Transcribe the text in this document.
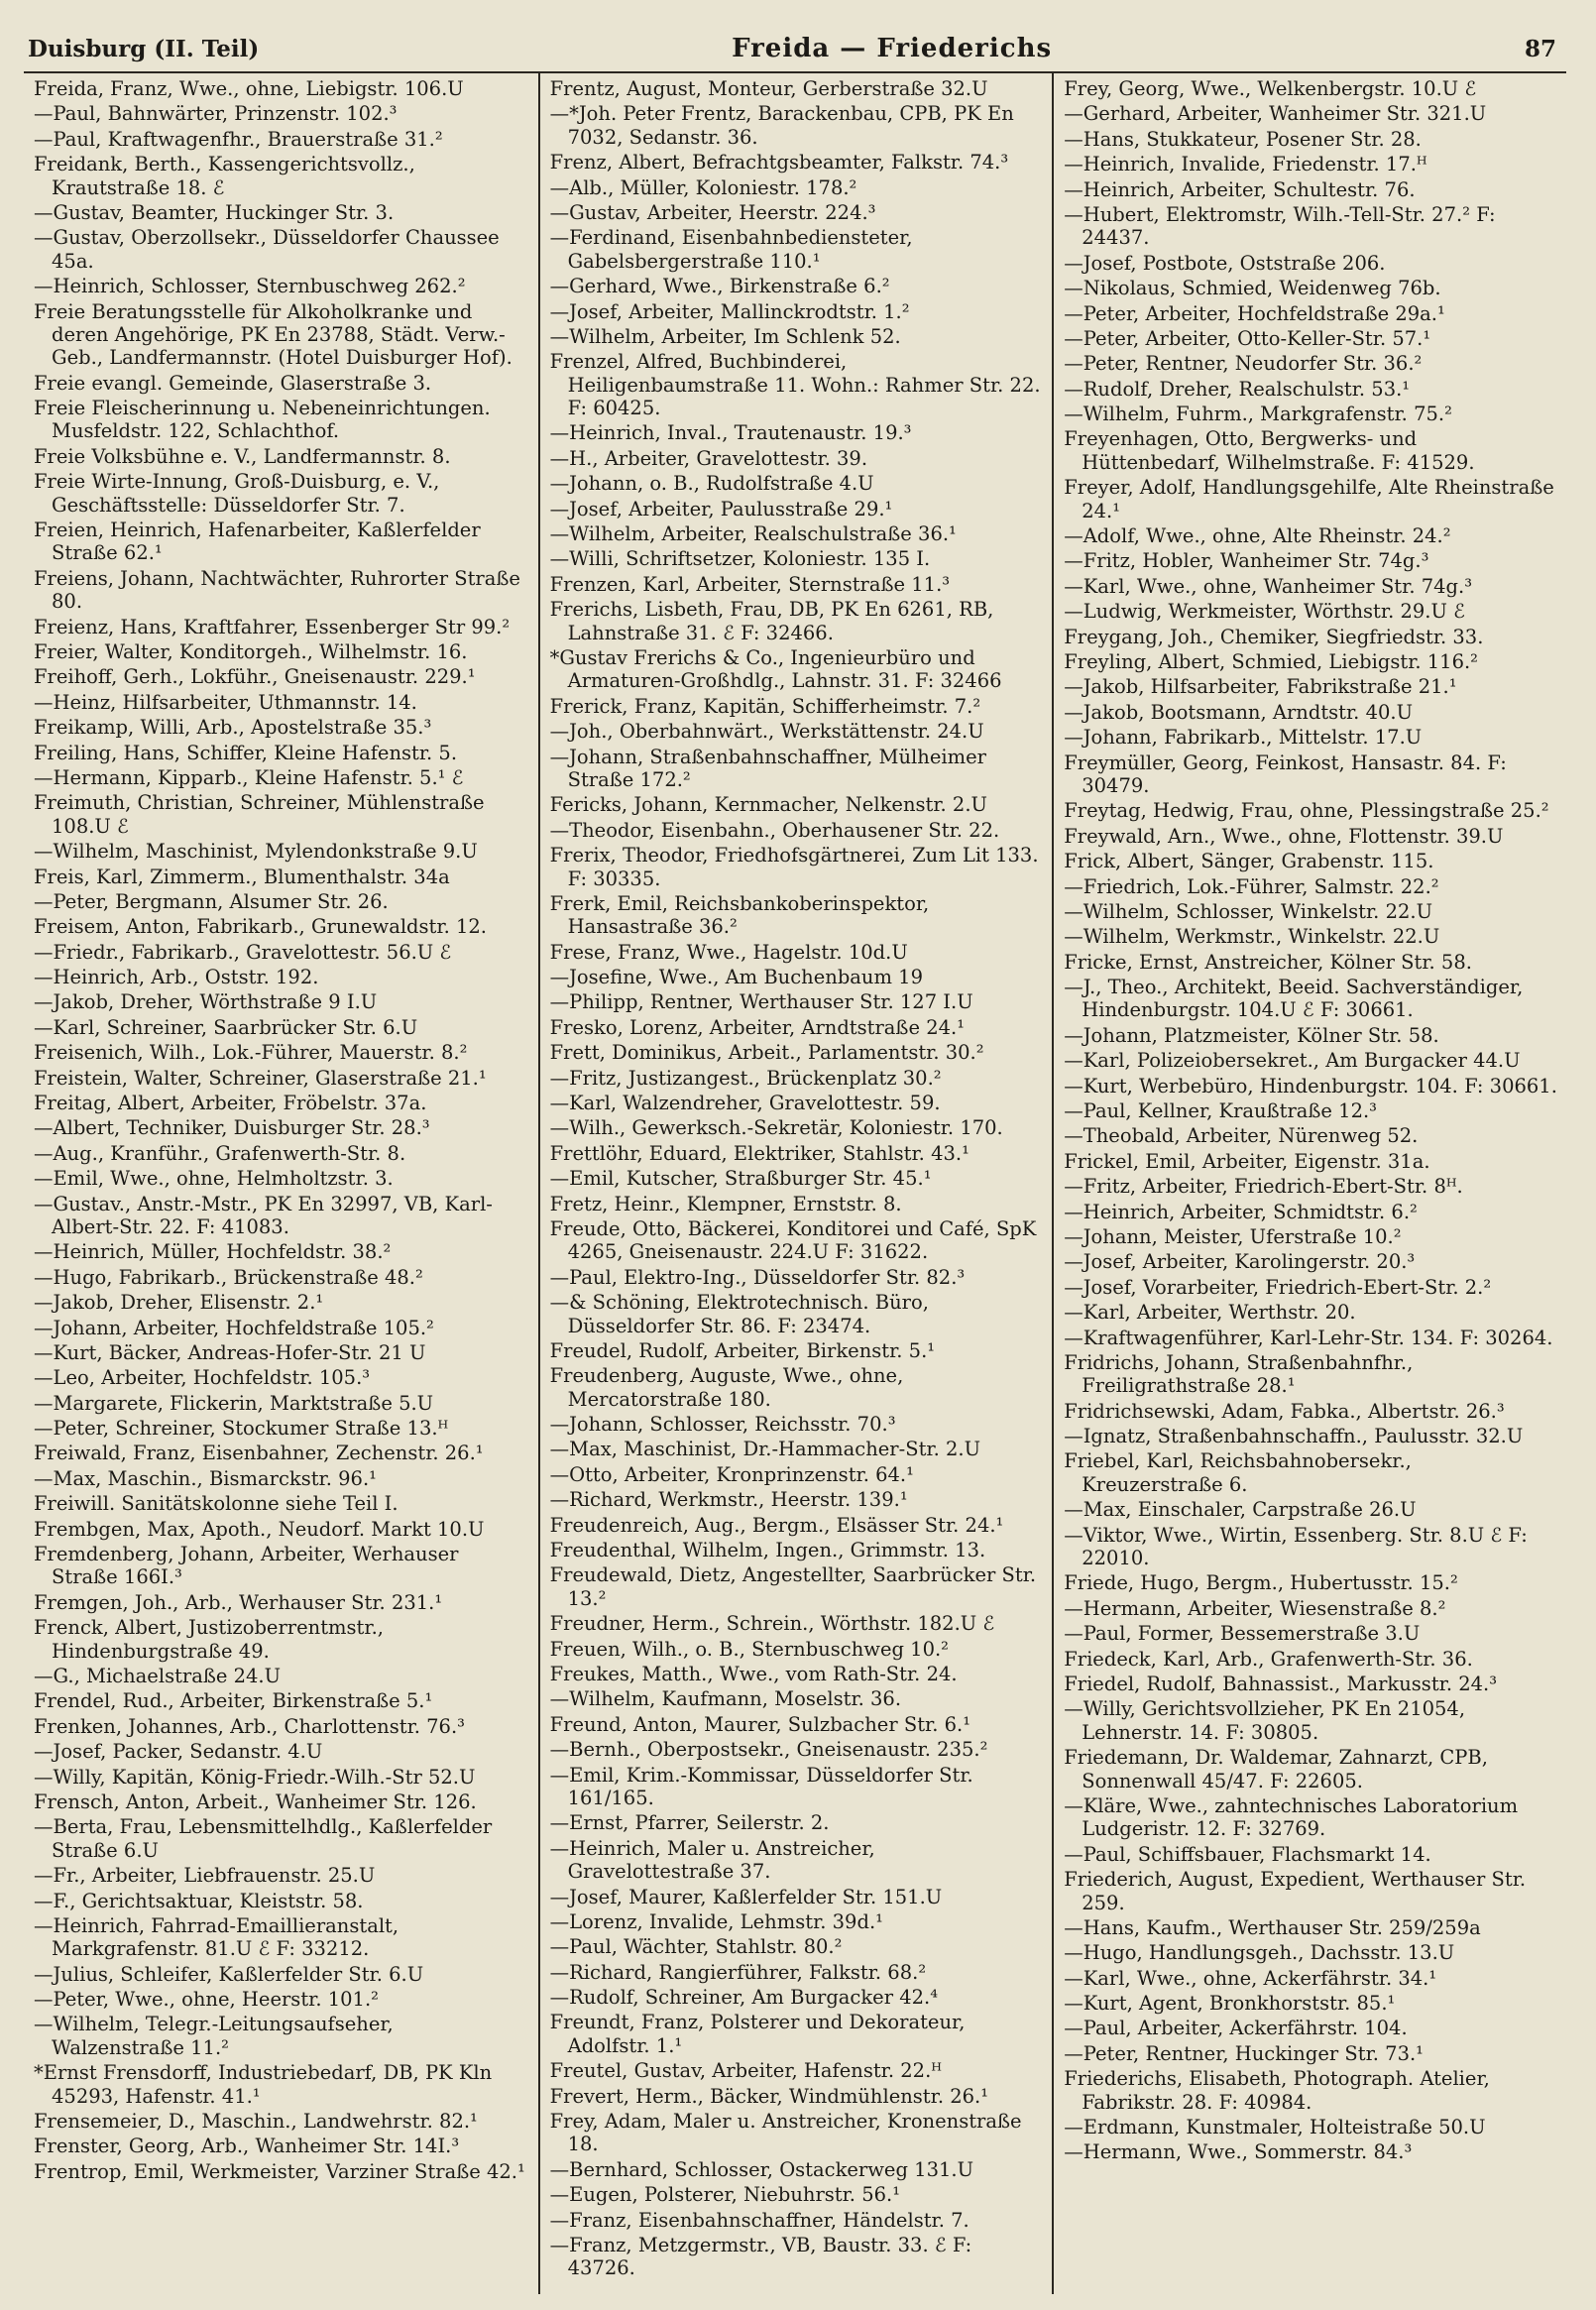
Duisburg (II. Teil)	Freida — Friederichs	87
Freida, Franz, Wwe., ohne, Liebigstr. 106.U
—Paul, Bahnwärter, Prinzenstr. 102.³
—Paul, Kraftwagenfhr., Brauerstraße 31.²
Freidank, Berth., Kassengerichtsvollz., Krautstraße 18. ℰ
—Gustav, Beamter, Huckinger Str. 3.
—Gustav, Oberzollsekr., Düsseldorfer Chaussee 45a.
—Heinrich, Schlosser, Sternbuschweg 262.²
Freie Beratungsstelle für Alkoholkranke und deren Angehörige, PK En 23788, Städt. Verw.-Geb., Landfermannstr. (Hotel Duisburger Hof).
Freie evangl. Gemeinde, Glaserstraße 3.
Freie Fleischerinnung u. Nebeneinrichtungen. Musfeldstr. 122, Schlachthof.
Freie Volksbühne e. V., Landfermannstr. 8.
Freie Wirte-Innung, Groß-Duisburg, e. V., Geschäftsstelle: Düsseldorfer Str. 7.
Freien, Heinrich, Hafenarbeiter, Kaßlerfelder Straße 62.¹
Freiens, Johann, Nachtwächter, Ruhrorter Straße 80.
Freienz, Hans, Kraftfahrer, Essenberger Str 99.²
Freier, Walter, Konditorgeh., Wilhelmstr. 16.
Freihoff, Gerh., Lokführ., Gneisenaustr. 229.¹
—Heinz, Hilfsarbeiter, Uthmannstr. 14.
Freikamp, Willi, Arb., Apostelstraße 35.³
Freiling, Hans, Schiffer, Kleine Hafenstr. 5.
—Hermann, Kipparb., Kleine Hafenstr. 5.¹ ℰ
Freimuth, Christian, Schreiner, Mühlenstraße 108.U ℰ
—Wilhelm, Maschinist, Mylendonkstraße 9.U
Freis, Karl, Zimmerm., Blumenthalstr. 34a
—Peter, Bergmann, Alsumer Str. 26.
Freisem, Anton, Fabrikarb., Grunewaldstr. 12.
—Friedr., Fabrikarb., Gravelottestr. 56.U ℰ
—Heinrich, Arb., Oststr. 192.
—Jakob, Dreher, Wörthstraße 9 I.U
—Karl, Schreiner, Saarbrücker Str. 6.U
Freisenich, Wilh., Lok.-Führer, Mauerstr. 8.²
Freistein, Walter, Schreiner, Glaserstraße 21.¹
Freitag, Albert, Arbeiter, Fröbelstr. 37a.
—Albert, Techniker, Duisburger Str. 28.³
—Aug., Kranführ., Grafenwerth-Str. 8.
—Emil, Wwe., ohne, Helmholtzstr. 3.
—Gustav., Anstr.-Mstr., PK En 32997, VB, Karl-Albert-Str. 22. F: 41083.
—Heinrich, Müller, Hochfeldstr. 38.²
—Hugo, Fabrikarb., Brückenstraße 48.²
—Jakob, Dreher, Elisenstr. 2.¹
—Johann, Arbeiter, Hochfeldstraße 105.²
—Kurt, Bäcker, Andreas-Hofer-Str. 21 U
—Leo, Arbeiter, Hochfeldstr. 105.³
—Margarete, Flickerin, Marktstraße 5.U
—Peter, Schreiner, Stockumer Straße 13.ᴴ
Freiwald, Franz, Eisenbahner, Zechenstr. 26.¹
—Max, Maschin., Bismarckstr. 96.¹
Freiwill. Sanitätskolonne siehe Teil I.
Frembgen, Max, Apoth., Neudorf. Markt 10.U
Fremdenberg, Johann, Arbeiter, Werhauser Straße 166I.³
Fremgen, Joh., Arb., Werhauser Str. 231.¹
Frenck, Albert, Justizoberrentmstr., Hindenburgstraße 49.
—G., Michaelstraße 24.U
Frendel, Rud., Arbeiter, Birkenstraße 5.¹
Frenken, Johannes, Arb., Charlottenstr. 76.³
—Josef, Packer, Sedanstr. 4.U
—Willy, Kapitän, König-Friedr.-Wilh.-Str 52.U
Frensch, Anton, Arbeit., Wanheimer Str. 126.
—Berta, Frau, Lebensmittelhdlg., Kaßlerfelder Straße 6.U
—Fr., Arbeiter, Liebfrauenstr. 25.U
—F., Gerichtsaktuar, Kleiststr. 58.
—Heinrich, Fahrrad-Emaillieranstalt, Markgrafenstr. 81.U ℰ F: 33212.
—Julius, Schleifer, Kaßlerfelder Str. 6.U
—Peter, Wwe., ohne, Heerstr. 101.²
—Wilhelm, Telegr.-Leitungsaufseher, Walzenstraße 11.²
*Ernst Frensdorff, Industriebedarf, DB, PK Kln 45293, Hafenstr. 41.¹
Frensemeier, D., Maschin., Landwehrstr. 82.¹
Frenster, Georg, Arb., Wanheimer Str. 14I.³
Frentrop, Emil, Werkmeister, Varziner Straße 42.¹
Frentz, August, Monteur, Gerberstraße 32.U
—*Joh. Peter Frentz, Barackenbau, CPB, PK En 7032, Sedanstr. 36.
Frenz, Albert, Befrachtgsbeamter, Falkstr. 74.³
—Alb., Müller, Koloniestr. 178.²
—Gustav, Arbeiter, Heerstr. 224.³
—Ferdinand, Eisenbahnbediensteter, Gabelsbergerstraße 110.¹
—Gerhard, Wwe., Birkenstraße 6.²
—Josef, Arbeiter, Mallinckrodtstr. 1.²
—Wilhelm, Arbeiter, Im Schlenk 52.
Frenzel, Alfred, Buchbinderei, Heiligenbaumstraße 11. Wohn.: Rahmer Str. 22. F: 60425.
—Heinrich, Inval., Trautenaustr. 19.³
—H., Arbeiter, Gravelottestr. 39.
—Johann, o. B., Rudolfstraße 4.U
—Josef, Arbeiter, Paulusstraße 29.¹
—Wilhelm, Arbeiter, Realschulstraße 36.¹
—Willi, Schriftsetzer, Koloniestr. 135 I.
Frenzen, Karl, Arbeiter, Sternstraße 11.³
Frerichs, Lisbeth, Frau, DB, PK En 6261, RB, Lahnstraße 31. ℰ F: 32466.
*Gustav Frerichs & Co., Ingenieurbüro und Armaturen-Großhdlg., Lahnstr. 31. F: 32466
Frerick, Franz, Kapitän, Schifferheimstr. 7.²
—Joh., Oberbahnwärt., Werkstättenstr. 24.U
—Johann, Straßenbahnschaffner, Mülheimer Straße 172.²
Fericks, Johann, Kernmacher, Nelkenstr. 2.U
—Theodor, Eisenbahn., Oberhausener Str. 22.
Frerix, Theodor, Friedhofsgärtnerei, Zum Lit 133. F: 30335.
Frerk, Emil, Reichsbankoberinspektor, Hansastraße 36.²
Frese, Franz, Wwe., Hagelstr. 10d.U
—Josefine, Wwe., Am Buchenbaum 19
—Philipp, Rentner, Werthauser Str. 127 I.U
Fresko, Lorenz, Arbeiter, Arndtstraße 24.¹
Frett, Dominikus, Arbeit., Parlamentstr. 30.²
—Fritz, Justizangest., Brückenplatz 30.²
—Karl, Walzendreher, Gravelottestr. 59.
—Wilh., Gewerksch.-Sekretär, Koloniestr. 170.
Frettlöhr, Eduard, Elektriker, Stahlstr. 43.¹
—Emil, Kutscher, Straßburger Str. 45.¹
Fretz, Heinr., Klempner, Ernststr. 8.
Freude, Otto, Bäckerei, Konditorei und Café, SpK 4265, Gneisenaustr. 224.U F: 31622.
—Paul, Elektro-Ing., Düsseldorfer Str. 82.³
—& Schöning, Elektrotechnisch. Büro, Düsseldorfer Str. 86. F: 23474.
Freudel, Rudolf, Arbeiter, Birkenstr. 5.¹
Freudenberg, Auguste, Wwe., ohne, Mercatorstraße 180.
—Johann, Schlosser, Reichsstr. 70.³
—Max, Maschinist, Dr.-Hammacher-Str. 2.U
—Otto, Arbeiter, Kronprinzenstr. 64.¹
—Richard, Werkmstr., Heerstr. 139.¹
Freudenreich, Aug., Bergm., Elsässer Str. 24.¹
Freudenthal, Wilhelm, Ingen., Grimmstr. 13.
Freudewald, Dietz, Angestellter, Saarbrücker Str. 13.²
Freudner, Herm., Schrein., Wörthstr. 182.U ℰ
Freuen, Wilh., o. B., Sternbuschweg 10.²
Freukes, Matth., Wwe., vom Rath-Str. 24.
—Wilhelm, Kaufmann, Moselstr. 36.
Freund, Anton, Maurer, Sulzbacher Str. 6.¹
—Bernh., Oberpostsekr., Gneisenaustr. 235.²
—Emil, Krim.-Kommissar, Düsseldorfer Str. 161/165.
—Ernst, Pfarrer, Seilerstr. 2.
—Heinrich, Maler u. Anstreicher, Gravelottestraße 37.
—Josef, Maurer, Kaßlerfelder Str. 151.U
—Lorenz, Invalide, Lehmstr. 39d.¹
—Paul, Wächter, Stahlstr. 80.²
—Richard, Rangierführer, Falkstr. 68.²
—Rudolf, Schreiner, Am Burgacker 42.⁴
Freundt, Franz, Polsterer und Dekorateur, Adolfstr. 1.¹
Freutel, Gustav, Arbeiter, Hafenstr. 22.ᴴ
Frevert, Herm., Bäcker, Windmühlenstr. 26.¹
Frey, Adam, Maler u. Anstreicher, Kronenstraße 18.
—Bernhard, Schlosser, Ostackerweg 131.U
—Eugen, Polsterer, Niebuhrstr. 56.¹
—Franz, Eisenbahnschaffner, Händelstr. 7.
—Franz, Metzgermstr., VB, Baustr. 33. ℰ F: 43726.
Frey, Georg, Wwe., Welkenbergstr. 10.U ℰ
—Gerhard, Arbeiter, Wanheimer Str. 321.U
—Hans, Stukkateur, Posener Str. 28.
—Heinrich, Invalide, Friedenstr. 17.ᴴ
—Heinrich, Arbeiter, Schultestr. 76.
—Hubert, Elektromstr, Wilh.-Tell-Str. 27.² F: 24437.
—Josef, Postbote, Oststraße 206.
—Nikolaus, Schmied, Weidenweg 76b.
—Peter, Arbeiter, Hochfeldstraße 29a.¹
—Peter, Arbeiter, Otto-Keller-Str. 57.¹
—Peter, Rentner, Neudorfer Str. 36.²
—Rudolf, Dreher, Realschulstr. 53.¹
—Wilhelm, Fuhrm., Markgrafenstr. 75.²
Freyenhagen, Otto, Bergwerks- und Hüttenbedarf, Wilhelmstraße. F: 41529.
Freyer, Adolf, Handlungsgehilfe, Alte Rheinstraße 24.¹
—Adolf, Wwe., ohne, Alte Rheinstr. 24.²
—Fritz, Hobler, Wanheimer Str. 74g.³
—Karl, Wwe., ohne, Wanheimer Str. 74g.³
—Ludwig, Werkmeister, Wörthstr. 29.U ℰ
Freygang, Joh., Chemiker, Siegfriedstr. 33.
Freyling, Albert, Schmied, Liebigstr. 116.²
—Jakob, Hilfsarbeiter, Fabrikstraße 21.¹
—Jakob, Bootsmann, Arndtstr. 40.U
—Johann, Fabrikarb., Mittelstr. 17.U
Freymüller, Georg, Feinkost, Hansastr. 84. F: 30479.
Freytag, Hedwig, Frau, ohne, Plessingstraße 25.²
Freywald, Arn., Wwe., ohne, Flottenstr. 39.U
Frick, Albert, Sänger, Grabenstr. 115.
—Friedrich, Lok.-Führer, Salmstr. 22.²
—Wilhelm, Schlosser, Winkelstr. 22.U
—Wilhelm, Werkmstr., Winkelstr. 22.U
Fricke, Ernst, Anstreicher, Kölner Str. 58.
—J., Theo., Architekt, Beeid. Sachverständiger, Hindenburgstr. 104.U ℰ F: 30661.
—Johann, Platzmeister, Kölner Str. 58.
—Karl, Polizeiobersekret., Am Burgacker 44.U
—Kurt, Werbebüro, Hindenburgstr. 104. F: 30661.
—Paul, Kellner, Kraußtraße 12.³
—Theobald, Arbeiter, Nürenweg 52.
Frickel, Emil, Arbeiter, Eigenstr. 31a.
—Fritz, Arbeiter, Friedrich-Ebert-Str. 8ᴴ.
—Heinrich, Arbeiter, Schmidtstr. 6.²
—Johann, Meister, Uferstraße 10.²
—Josef, Arbeiter, Karolingerstr. 20.³
—Josef, Vorarbeiter, Friedrich-Ebert-Str. 2.²
—Karl, Arbeiter, Werthstr. 20.
—Kraftwagenführer, Karl-Lehr-Str. 134. F: 30264.
Fridrichs, Johann, Straßenbahnfhr., Freiligrathstraße 28.¹
Fridrichsewski, Adam, Fabka., Albertstr. 26.³
—Ignatz, Straßenbahnschaffn., Paulusstr. 32.U
Friebel, Karl, Reichsbahnobersekr., Kreuzerstraße 6.
—Max, Einschaler, Carpstraße 26.U
—Viktor, Wwe., Wirtin, Essenberg. Str. 8.U ℰ F: 22010.
Friede, Hugo, Bergm., Hubertusstr. 15.²
—Hermann, Arbeiter, Wiesenstraße 8.²
—Paul, Former, Bessemerstraße 3.U
Friedeck, Karl, Arb., Grafenwerth-Str. 36.
Friedel, Rudolf, Bahnassist., Markusstr. 24.³
—Willy, Gerichtsvollzieher, PK En 21054, Lehnerstr. 14. F: 30805.
Friedemann, Dr. Waldemar, Zahnarzt, CPB, Sonnenwall 45/47. F: 22605.
—Kläre, Wwe., zahntechnisches Laboratorium Ludgeristr. 12. F: 32769.
—Paul, Schiffsbauer, Flachsmarkt 14.
Friederich, August, Expedient, Werthauser Str. 259.
—Hans, Kaufm., Werthauser Str. 259/259a
—Hugo, Handlungsgeh., Dachsstr. 13.U
—Karl, Wwe., ohne, Ackerfährstr. 34.¹
—Kurt, Agent, Bronkhorststr. 85.¹
—Paul, Arbeiter, Ackerfährstr. 104.
—Peter, Rentner, Huckinger Str. 73.¹
Friederichs, Elisabeth, Photograph. Atelier, Fabrikstr. 28. F: 40984.
—Erdmann, Kunstmaler, Holteistraße 50.U
—Hermann, Wwe., Sommerstr. 84.³
